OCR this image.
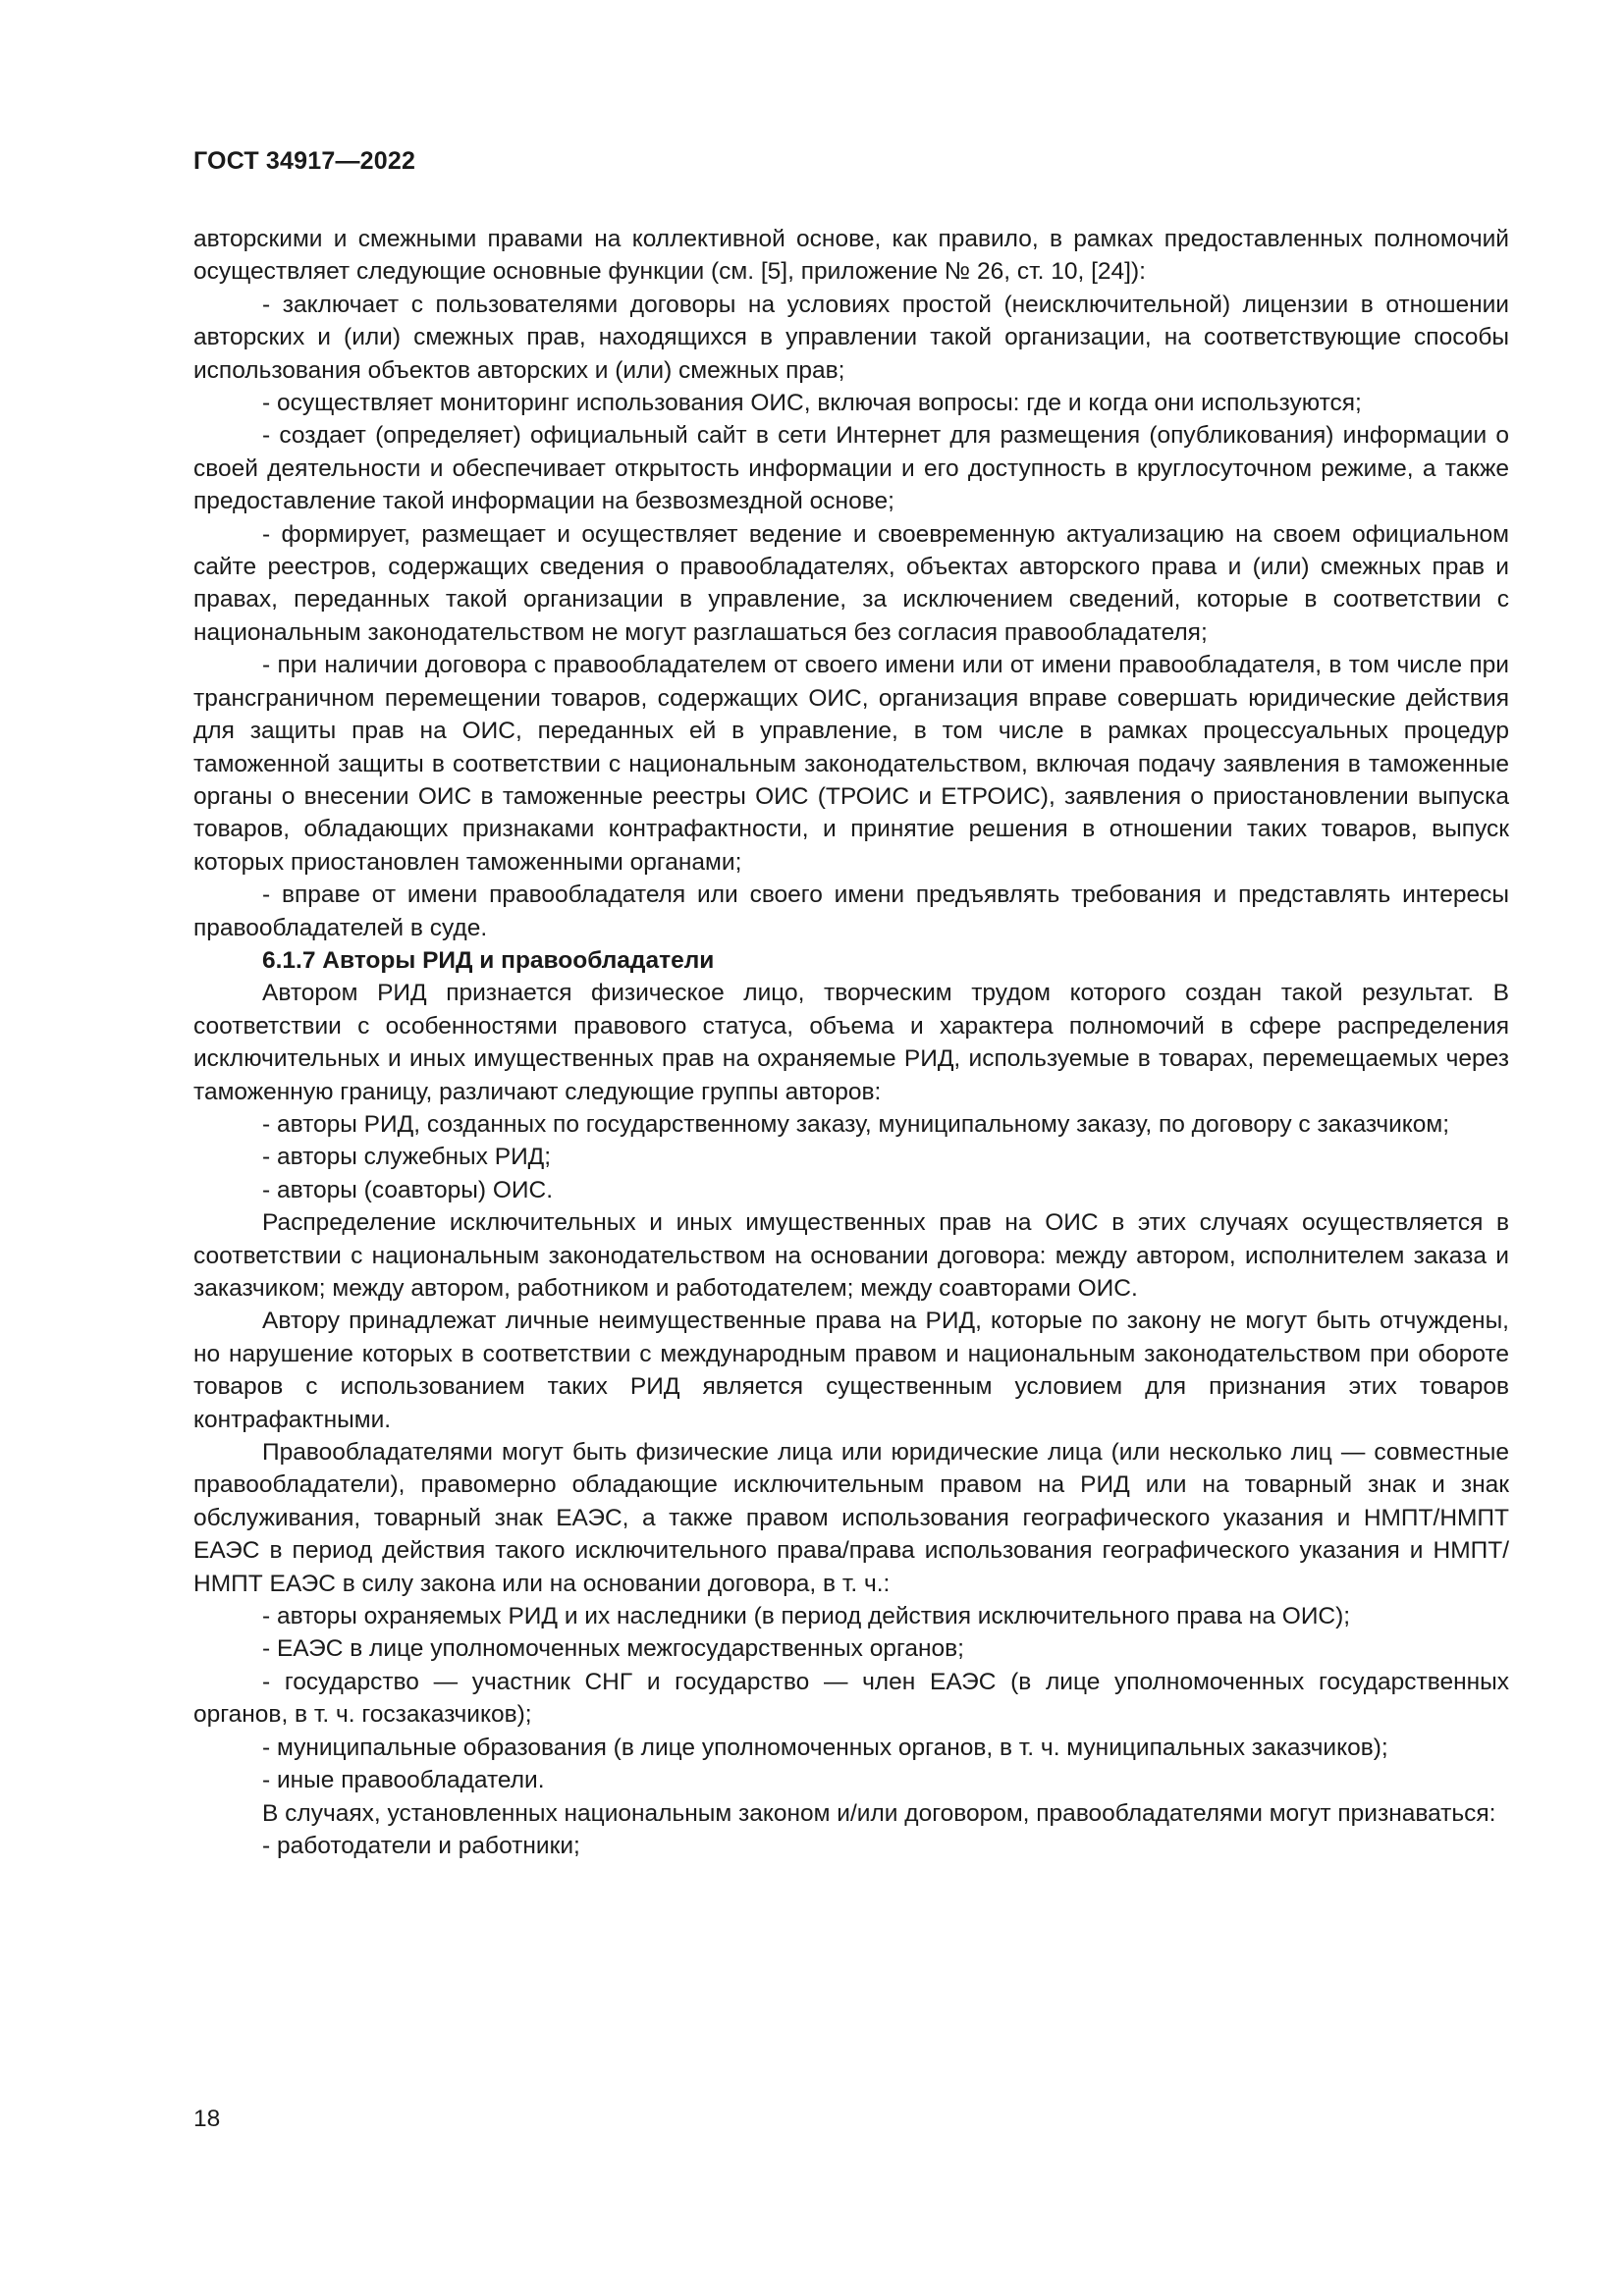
ГОСТ 34917—2022

авторскими и смежными правами на коллективной основе, как правило, в рамках предоставленных полномочий осуществляет следующие основные функции (см. [5], приложение № 26, ст. 10, [24]):

- заключает с пользователями договоры на условиях простой (неисключительной) лицензии в отношении авторских и (или) смежных прав, находящихся в управлении такой организации, на соответствующие способы использования объектов авторских и (или) смежных прав;

- осуществляет мониторинг использования ОИС, включая вопросы: где и когда они используются;

- создает (определяет) официальный сайт в сети Интернет для размещения (опубликования) информации о своей деятельности и обеспечивает открытость информации и его доступность в круглосуточном режиме, а также предоставление такой информации на безвозмездной основе;

- формирует, размещает и осуществляет ведение и своевременную актуализацию на своем официальном сайте реестров, содержащих сведения о правообладателях, объектах авторского права и (или) смежных прав и правах, переданных такой организации в управление, за исключением сведений, которые в соответствии с национальным законодательством не могут разглашаться без согласия правообладателя;

- при наличии договора с правообладателем от своего имени или от имени правообладателя, в том числе при трансграничном перемещении товаров, содержащих ОИС, организация вправе совершать юридические действия для защиты прав на ОИС, переданных ей в управление, в том числе в рамках процессуальных процедур таможенной защиты в соответствии с национальным законодательством, включая подачу заявления в таможенные органы о внесении ОИС в таможенные реестры ОИС (ТРОИС и ЕТРОИС), заявления о приостановлении выпуска товаров, обладающих признаками контрафактности, и принятие решения в отношении таких товаров, выпуск которых приостановлен таможенными органами;

- вправе от имени правообладателя или своего имени предъявлять требования и представлять интересы правообладателей в суде.

6.1.7 Авторы РИД и правообладатели

Автором РИД признается физическое лицо, творческим трудом которого создан такой результат. В соответствии с особенностями правового статуса, объема и характера полномочий в сфере распределения исключительных и иных имущественных прав на охраняемые РИД, используемые в товарах, перемещаемых через таможенную границу, различают следующие группы авторов:

- авторы РИД, созданных по государственному заказу, муниципальному заказу, по договору с заказчиком;

- авторы служебных РИД;

- авторы (соавторы) ОИС.

Распределение исключительных и иных имущественных прав на ОИС в этих случаях осуществляется в соответствии с национальным законодательством на основании договора: между автором, исполнителем заказа и заказчиком; между автором, работником и работодателем; между соавторами ОИС.

Автору принадлежат личные неимущественные права на РИД, которые по закону не могут быть отчуждены, но нарушение которых в соответствии с международным правом и национальным законодательством при обороте товаров с использованием таких РИД является существенным условием для признания этих товаров контрафактными.

Правообладателями могут быть физические лица или юридические лица (или несколько лиц — совместные правообладатели), правомерно обладающие исключительным правом на РИД или на товарный знак и знак обслуживания, товарный знак ЕАЭС, а также правом использования географического указания и НМПТ/НМПТ ЕАЭС в период действия такого исключительного права/права использования географического указания и НМПТ/НМПТ ЕАЭС в силу закона или на основании договора, в т. ч.:

- авторы охраняемых РИД и их наследники (в период действия исключительного права на ОИС);

- ЕАЭС в лице уполномоченных межгосударственных органов;

- государство — участник СНГ и государство — член ЕАЭС (в лице уполномоченных государственных органов, в т. ч. госзаказчиков);

- муниципальные образования (в лице уполномоченных органов, в т. ч. муниципальных заказчиков);

- иные правообладатели.

В случаях, установленных национальным законом и/или договором, правообладателями могут признаваться:

- работодатели и работники;

18
